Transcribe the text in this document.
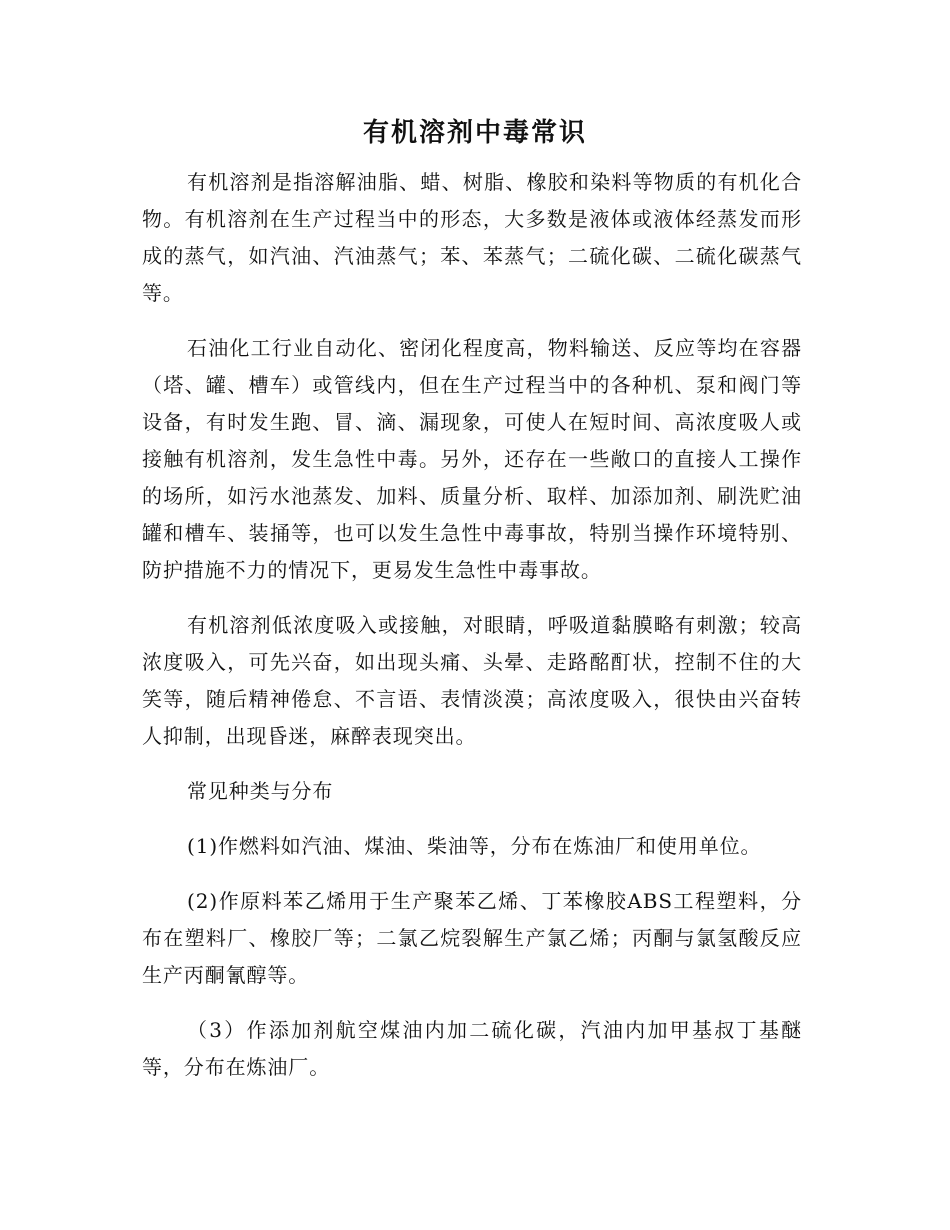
有机溶剂中毒常识

有机溶剂是指溶解油脂、蜡、树脂、橡胶和染料等物质的有机化合物。有机溶剂在生产过程当中的形态，大多数是液体或液体经蒸发而形成的蒸气，如汽油、汽油蒸气；苯、苯蒸气；二硫化碳、二硫化碳蒸气等。

石油化工行业自动化、密闭化程度高，物料输送、反应等均在容器（塔、罐、槽车）或管线内，但在生产过程当中的各种机、泵和阀门等设备，有时发生跑、冒、滴、漏现象，可使人在短时间、高浓度吸人或接触有机溶剂，发生急性中毒。另外，还存在一些敞口的直接人工操作的场所，如污水池蒸发、加料、质量分析、取样、加添加剂、刷洗贮油罐和槽车、装捅等，也可以发生急性中毒事故，特别当操作环境特别、防护措施不力的情况下，更易发生急性中毒事故。

有机溶剂低浓度吸入或接触，对眼睛，呼吸道黏膜略有刺激；较高浓度吸入，可先兴奋，如出现头痛、头晕、走路酩酊状，控制不住的大笑等，随后精神倦怠、不言语、表情淡漠；高浓度吸入，很快由兴奋转人抑制，出现昏迷，麻醉表现突出。

常见种类与分布

(1)作燃料如汽油、煤油、柴油等，分布在炼油厂和使用单位。

(2)作原料苯乙烯用于生产聚苯乙烯、丁苯橡胶ABS工程塑料，分布在塑料厂、橡胶厂等；二氯乙烷裂解生产氯乙烯；丙酮与氯氢酸反应生产丙酮氰醇等。

（3）作添加剂航空煤油内加二硫化碳，汽油内加甲基叔丁基醚等，分布在炼油厂。
